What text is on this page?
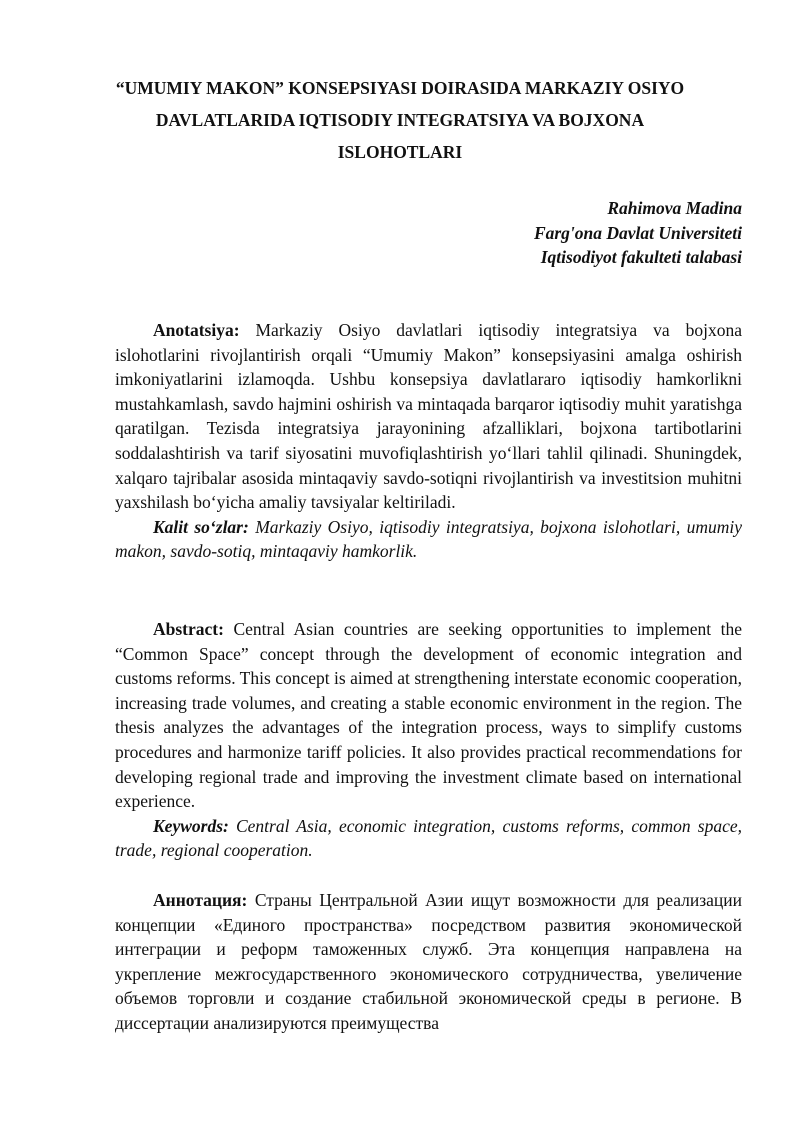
“UMUMIY MAKON” KONSEPSIYASI DOIRASIDA MARKAZIY OSIYO
DAVLATLARIDA IQTISODIY INTEGRATSIYA VA BOJXONA
ISLOHOTLARI
Rahimova Madina
Farg'ona Davlat Universiteti
Iqtisodiyot fakulteti talabasi

Anotatsiya: Markaziy Osiyo davlatlari iqtisodiy integratsiya va bojxona islohotlarini rivojlantirish orqali “Umumiy Makon” konsepsiyasini amalga oshirish imkoniyatlarini izlamoqda. Ushbu konsepsiya davlatlararo iqtisodiy hamkorlikni mustahkamlash, savdo hajmini oshirish va mintaqada barqaror iqtisodiy muhit yaratishga qaratilgan. Tezisda integratsiya jarayonining afzalliklari, bojxona tartibotlarini soddalashtirish va tarif siyosatini muvofiqlashtirish yo‘llari tahlil qilinadi. Shuningdek, xalqaro tajribalar asosida mintaqaviy savdo-sotiqni rivojlantirish va investitsion muhitni yaxshilash bo‘yicha amaliy tavsiyalar keltiriladi.

Kalit so‘zlar: Markaziy Osiyo, iqtisodiy integratsiya, bojxona islohotlari, umumiy makon, savdo-sotiq, mintaqaviy hamkorlik.

Abstract: Central Asian countries are seeking opportunities to implement the “Common Space” concept through the development of economic integration and customs reforms. This concept is aimed at strengthening interstate economic cooperation, increasing trade volumes, and creating a stable economic environment in the region. The thesis analyzes the advantages of the integration process, ways to simplify customs procedures and harmonize tariff policies. It also provides practical recommendations for developing regional trade and improving the investment climate based on international experience.

Keywords: Central Asia, economic integration, customs reforms, common space, trade, regional cooperation.

Аннотация: Страны Центральной Азии ищут возможности для реализации концепции «Единого пространства» посредством развития экономической интеграции и реформ таможенных служб. Эта концепция направлена на укрепление межгосударственного экономического сотрудничества, увеличение объемов торговли и создание стабильной экономической среды в регионе. В диссертации анализируются преимущества
